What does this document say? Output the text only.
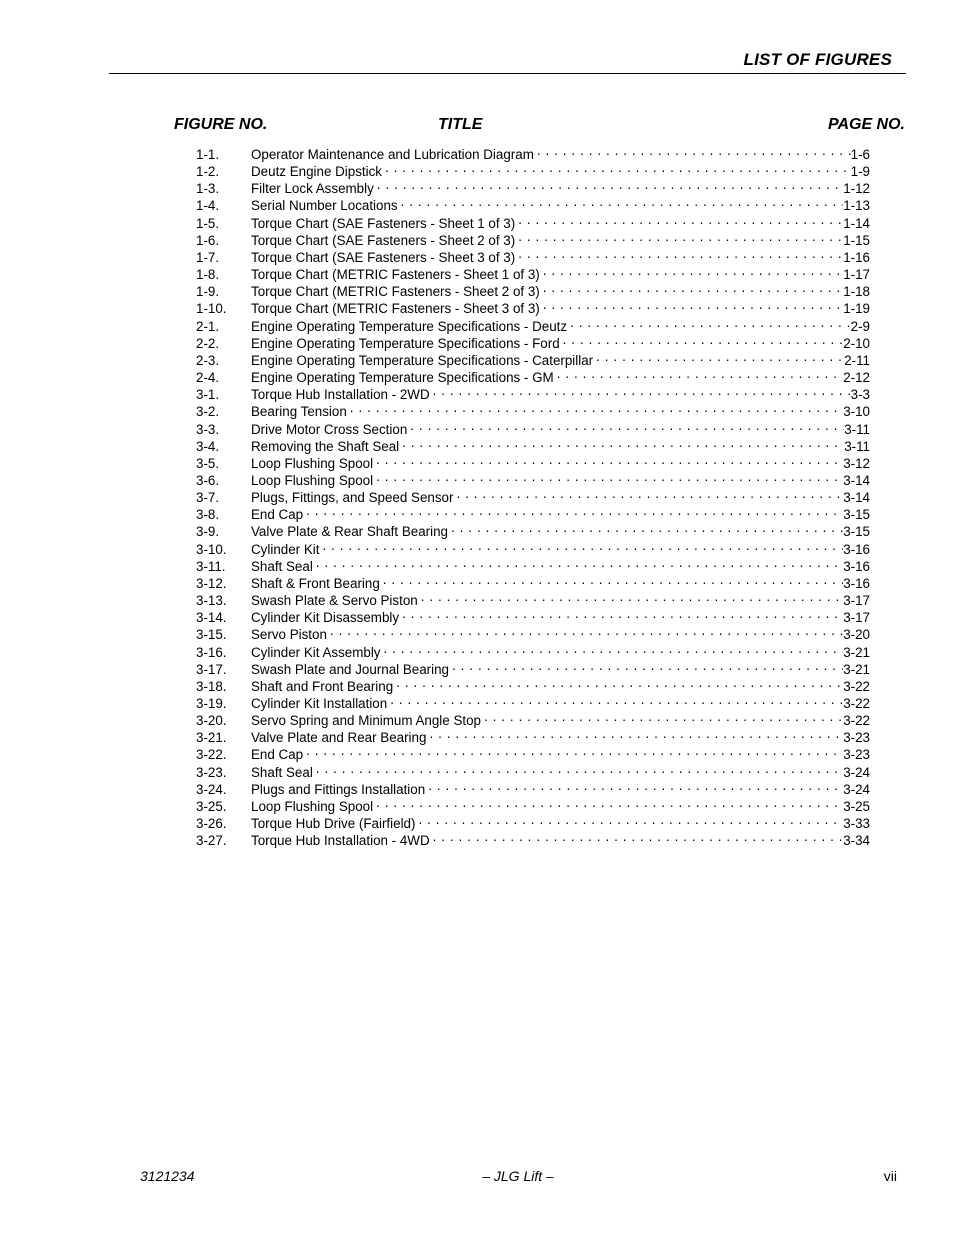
LIST OF FIGURES
FIGURE NO.	TITLE	PAGE NO.
1-1.	Operator Maintenance and Lubrication Diagram . . .	1-6
1-2.	Deutz Engine Dipstick . . .	1-9
1-3.	Filter Lock Assembly . . .	1-12
1-4.	Serial Number Locations . . .	1-13
1-5.	Torque Chart (SAE Fasteners - Sheet 1 of 3) . . .	1-14
1-6.	Torque Chart (SAE Fasteners - Sheet 2 of 3) . . .	1-15
1-7.	Torque Chart (SAE Fasteners - Sheet 3 of 3) . . .	1-16
1-8.	Torque Chart (METRIC Fasteners - Sheet 1 of 3) . . .	1-17
1-9.	Torque Chart (METRIC Fasteners - Sheet 2 of 3) . . .	1-18
1-10.	Torque Chart (METRIC Fasteners - Sheet 3 of 3) . . .	1-19
2-1.	Engine Operating Temperature Specifications - Deutz . . .	2-9
2-2.	Engine Operating Temperature Specifications - Ford . . .	2-10
2-3.	Engine Operating Temperature Specifications - Caterpillar . . .	2-11
2-4.	Engine Operating Temperature Specifications - GM . . .	2-12
3-1.	Torque Hub Installation - 2WD . . .	3-3
3-2.	Bearing Tension . . .	3-10
3-3.	Drive Motor Cross Section . . .	3-11
3-4.	Removing the Shaft Seal . . .	3-11
3-5.	Loop Flushing Spool . . .	3-12
3-6.	Loop Flushing Spool . . .	3-14
3-7.	Plugs, Fittings, and Speed Sensor . . .	3-14
3-8.	End Cap . . .	3-15
3-9.	Valve Plate & Rear Shaft Bearing . . .	3-15
3-10.	Cylinder Kit . . .	3-16
3-11.	Shaft Seal . . .	3-16
3-12.	Shaft & Front Bearing . . .	3-16
3-13.	Swash Plate & Servo Piston . . .	3-17
3-14.	Cylinder Kit Disassembly . . .	3-17
3-15.	Servo Piston . . .	3-20
3-16.	Cylinder Kit Assembly . . .	3-21
3-17.	Swash Plate and Journal Bearing . . .	3-21
3-18.	Shaft and Front Bearing . . .	3-22
3-19.	Cylinder Kit Installation . . .	3-22
3-20.	Servo Spring and Minimum Angle Stop . . .	3-22
3-21.	Valve Plate and Rear Bearing . . .	3-23
3-22.	End Cap . . .	3-23
3-23.	Shaft Seal . . .	3-24
3-24.	Plugs and Fittings Installation . . .	3-24
3-25.	Loop Flushing Spool . . .	3-25
3-26.	Torque Hub Drive (Fairfield) . . .	3-33
3-27.	Torque Hub Installation - 4WD . . .	3-34
3121234	– JLG Lift –	vii
